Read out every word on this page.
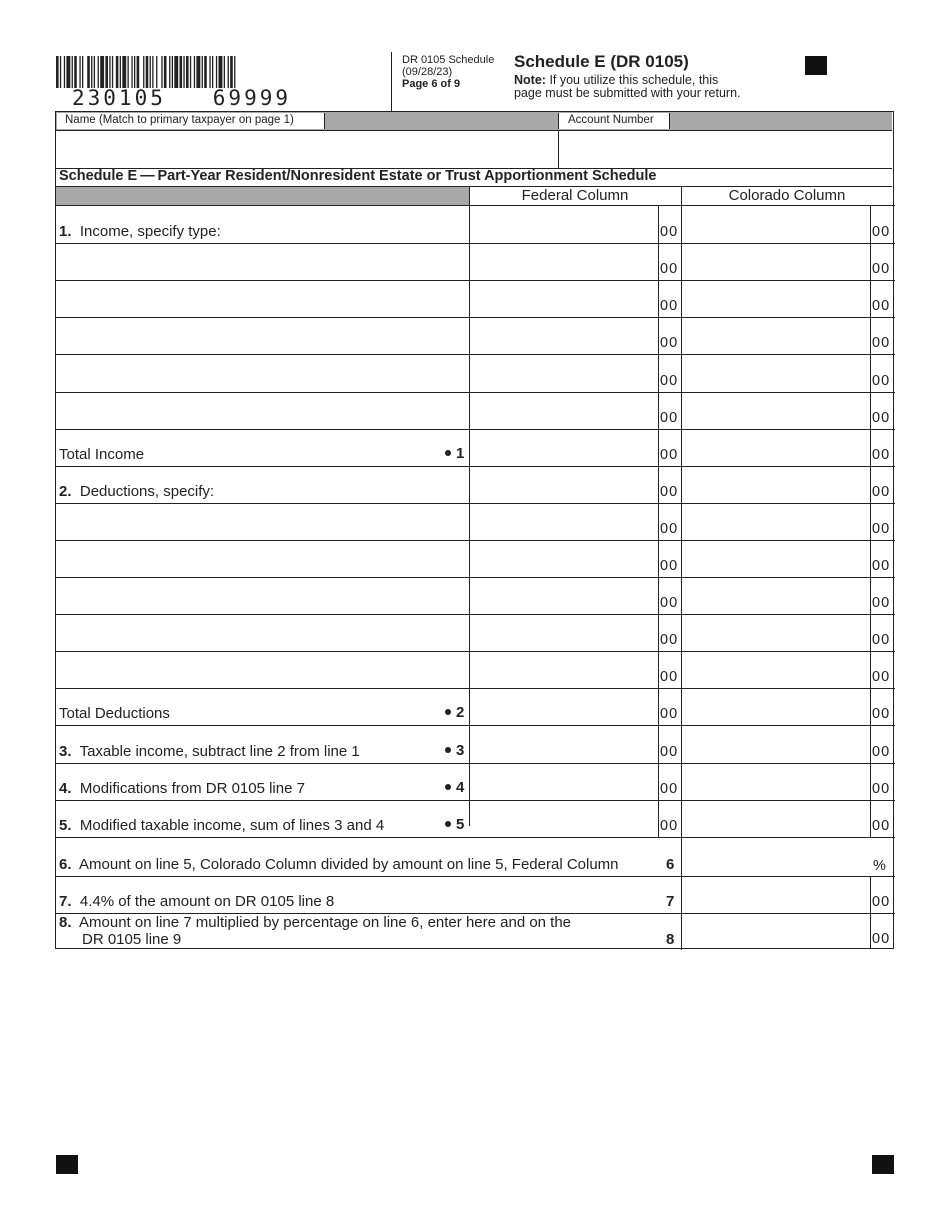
230105   69999
DR 0105 Schedule
(09/28/23)
Page 6 of 9
Schedule E (DR 0105)
Note: If you utilize this schedule, this
page must be submitted with your return.
Name (Match to primary taxpayer on page 1)	Account Number
Schedule E — Part-Year Resident/Nonresident Estate or Trust Apportionment Schedule
Federal Column	Colorado Column
1. Income, specify type:	00	00
00	00
00	00
00	00
00	00
00	00
Total Income	1	00	00
2. Deductions, specify:	00	00
00	00
00	00
00	00
00	00
00	00
Total Deductions	2	00	00
3. Taxable income, subtract line 2 from line 1	3	00	00
4. Modifications from DR 0105 line 7	4	00	00
5. Modified taxable income, sum of lines 3 and 4	5	00	00
6. Amount on line 5, Colorado Column divided by amount on line 5, Federal Column	6	%
7. 4.4% of the amount on DR 0105 line 8	7	00
8. Amount on line 7 multiplied by percentage on line 6, enter here and on the
DR 0105 line 9	8	00
